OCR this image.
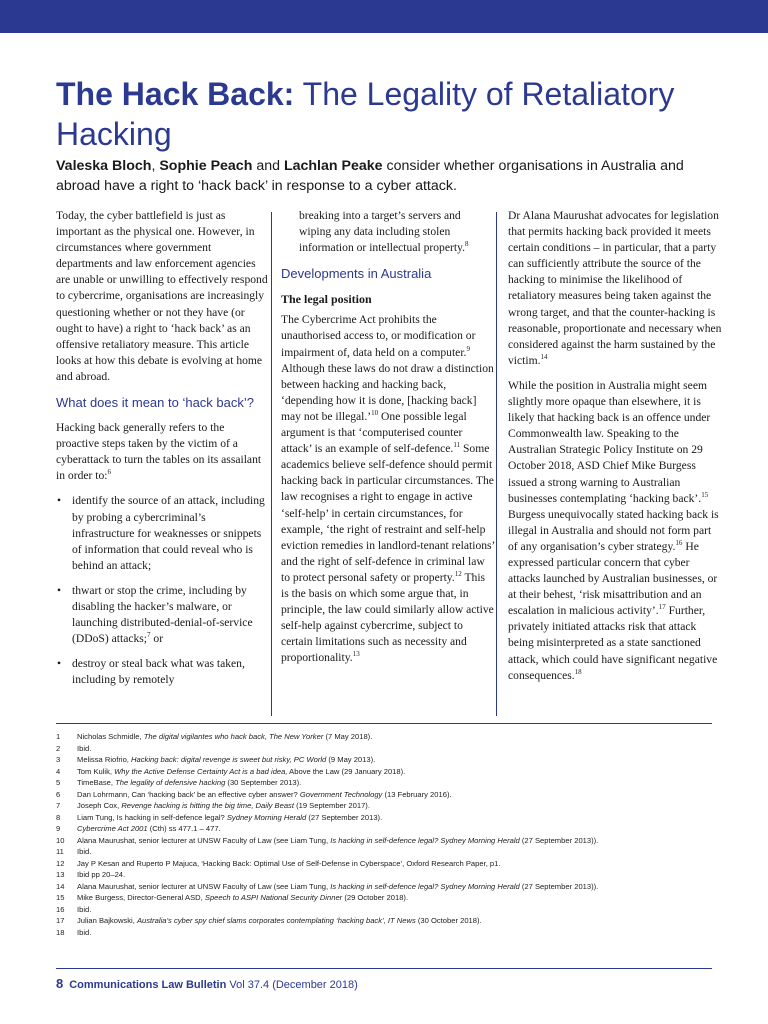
The Hack Back: The Legality of Retaliatory Hacking

Valeska Bloch, Sophie Peach and Lachlan Peake consider whether organisations in Australia and abroad have a right to ‘hack back’ in response to a cyber attack.

Today, the cyber battlefield is just as important as the physical one. However, in circumstances where government departments and law enforcement agencies are unable or unwilling to effectively respond to cybercrime, organisations are increasingly questioning whether or not they have (or ought to have) a right to ‘hack back’ as an offensive retaliatory measure. This article looks at how this debate is evolving at home and abroad.

What does it mean to ‘hack back’?

Hacking back generally refers to the proactive steps taken by the victim of a cyberattack to turn the tables on its assailant in order to:$^6$

• identify the source of an attack, including by probing a cybercriminal’s infrastructure for weaknesses or snippets of information that could reveal who is behind an attack;
• thwart or stop the crime, including by disabling the hacker’s malware, or launching distributed-denial-of-service (DDoS) attacks;$^7$ or
• destroy or steal back what was taken, including by remotely

breaking into a target’s servers and wiping any data including stolen information or intellectual property.$^8$

Developments in Australia
The legal position

The Cybercrime Act prohibits the unauthorised access to, or modification or impairment of, data held on a computer.$^9$ Although these laws do not draw a distinction between hacking and hacking back, ‘depending how it is done, [hacking back] may not be illegal.’$^{10}$ One possible legal argument is that ‘computerised counter attack’ is an example of self-defence.$^{11}$ Some academics believe self-defence should permit hacking back in particular circumstances. The law recognises a right to engage in active ‘self-help’ in certain circumstances, for example, ‘the right of restraint and self-help eviction remedies in landlord-tenant relations’ and the right of self-defence in criminal law to protect personal safety or property.$^{12}$ This is the basis on which some argue that, in principle, the law could similarly allow active self-help against cybercrime, subject to certain limitations such as necessity and proportionality.$^{13}$

Dr Alana Maurushat advocates for legislation that permits hacking back provided it meets certain conditions – in particular, that a party can sufficiently attribute the source of the hacking to minimise the likelihood of retaliatory measures being taken against the wrong target, and that the counter-hacking is reasonable, proportionate and necessary when considered against the harm sustained by the victim.$^{14}$

While the position in Australia might seem slightly more opaque than elsewhere, it is likely that hacking back is an offence under Commonwealth law. Speaking to the Australian Strategic Policy Institute on 29 October 2018, ASD Chief Mike Burgess issued a strong warning to Australian businesses contemplating ‘hacking back’.$^{15}$ Burgess unequivocally stated hacking back is illegal in Australia and should not form part of any organisation’s cyber strategy.$^{16}$ He expressed particular concern that cyber attacks launched by Australian businesses, or at their behest, ‘risk misattribution and an escalation in malicious activity’.$^{17}$ Further, privately initiated attacks risk that attack being misinterpreted as a state sanctioned attack, which could have significant negative consequences.$^{18}$

1 Nicholas Schmidle, The digital vigilantes who hack back, The New Yorker (7 May 2018).
2 Ibid.
3 Melissa Riofrio, Hacking back: digital revenge is sweet but risky, PC World (9 May 2013).
4 Tom Kulik, Why the Active Defense Certainty Act is a bad idea, Above the Law (29 January 2018).
5 TimeBase, The legality of defensive hacking (30 September 2013).
6 Dan Lohrmann, Can ‘hacking back’ be an effective cyber answer? Government Technology (13 February 2016).
7 Joseph Cox, Revenge hacking is hitting the big time, Daily Beast (19 September 2017).
8 Liam Tung, Is hacking in self-defence legal? Sydney Morning Herald (27 September 2013).
9 Cybercrime Act 2001 (Cth) ss 477.1 – 477.
10 Alana Maurushat, senior lecturer at UNSW Faculty of Law (see Liam Tung, Is hacking in self-defence legal? Sydney Morning Herald (27 September 2013)).
11 Ibid.
12 Jay P Kesan and Ruperto P Majuca, ‘Hacking Back: Optimal Use of Self-Defense in Cyberspace’, Oxford Research Paper, p1.
13 Ibid pp 20–24.
14 Alana Maurushat, senior lecturer at UNSW Faculty of Law (see Liam Tung, Is hacking in self-defence legal? Sydney Morning Herald (27 September 2013)).
15 Mike Burgess, Director-General ASD, Speech to ASPI National Security Dinner (29 October 2018).
16 Ibid.
17 Julian Bajkowski, Australia’s cyber spy chief slams corporates contemplating ‘hacking back’, IT News (30 October 2018).
18 Ibid.
8 Communications Law Bulletin Vol 37.4 (December 2018)
